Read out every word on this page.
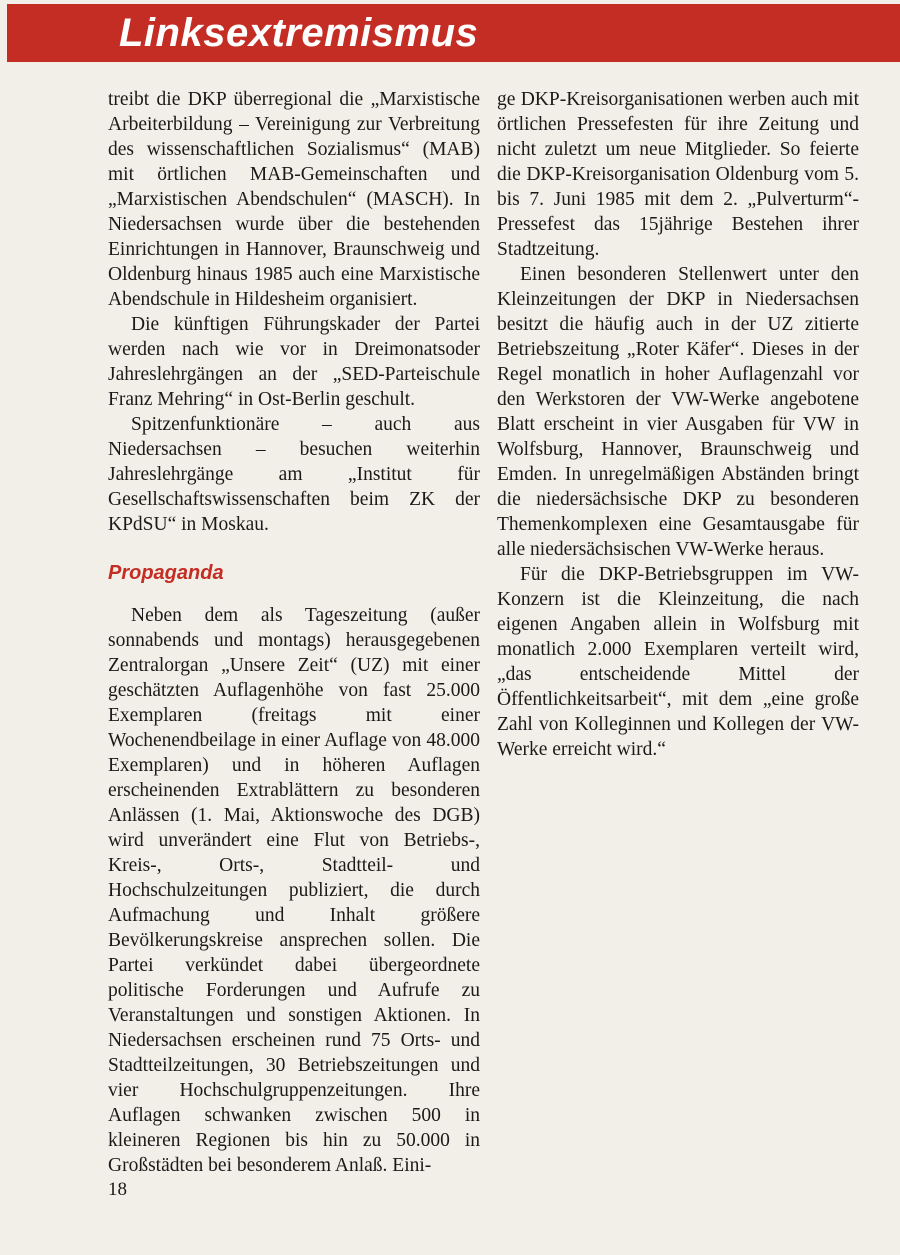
Linksextremismus

treibt die DKP überregional die „Marxistische Arbeiterbildung – Vereinigung zur Verbreitung des wissenschaftlichen Sozialismus“ (MAB) mit örtlichen MAB-Gemeinschaften und „Marxistischen Abendschulen“ (MASCH). In Niedersachsen wurde über die bestehenden Einrichtungen in Hannover, Braunschweig und Oldenburg hinaus 1985 auch eine Marxistische Abendschule in Hildesheim organisiert.

Die künftigen Führungskader der Partei werden nach wie vor in Dreimonatsoder Jahreslehrgängen an der „SED-Parteischule Franz Mehring“ in Ost-Berlin geschult.

Spitzenfunktionäre – auch aus Niedersachsen – besuchen weiterhin Jahreslehrgänge am „Institut für Gesellschaftswissenschaften beim ZK der KPdSU“ in Moskau.

Propaganda

Neben dem als Tageszeitung (außer sonnabends und montags) herausgegebenen Zentralorgan „Unsere Zeit“ (UZ) mit einer geschätzten Auflagenhöhe von fast 25.000 Exemplaren (freitags mit einer Wochenendbeilage in einer Auflage von 48.000 Exemplaren) und in höheren Auflagen erscheinenden Extrablättern zu besonderen Anlässen (1. Mai, Aktionswoche des DGB) wird unverändert eine Flut von Betriebs-, Kreis-, Orts-, Stadtteil- und Hochschulzeitungen publiziert, die durch Aufmachung und Inhalt größere Bevölkerungskreise ansprechen sollen. Die Partei verkündet dabei übergeordnete politische Forderungen und Aufrufe zu Veranstaltungen und sonstigen Aktionen. In Niedersachsen erscheinen rund 75 Orts- und Stadtteilzeitungen, 30 Betriebszeitungen und vier Hochschulgruppenzeitungen. Ihre Auflagen schwanken zwischen 500 in kleineren Regionen bis hin zu 50.000 in Großstädten bei besonderem Anlaß. Eini-

ge DKP-Kreisorganisationen werben auch mit örtlichen Pressefesten für ihre Zeitung und nicht zuletzt um neue Mitglieder. So feierte die DKP-Kreisorganisation Oldenburg vom 5. bis 7. Juni 1985 mit dem 2. „Pulverturm“-Pressefest das 15jährige Bestehen ihrer Stadtzeitung.

Einen besonderen Stellenwert unter den Kleinzeitungen der DKP in Niedersachsen besitzt die häufig auch in der UZ zitierte Betriebszeitung „Roter Käfer“. Dieses in der Regel monatlich in hoher Auflagenzahl vor den Werkstoren der VW-Werke angebotene Blatt erscheint in vier Ausgaben für VW in Wolfsburg, Hannover, Braunschweig und Emden. In unregelmäßigen Abständen bringt die niedersächsische DKP zu besonderen Themenkomplexen eine Gesamtausgabe für alle niedersächsischen VW-Werke heraus.

Für die DKP-Betriebsgruppen im VW-Konzern ist die Kleinzeitung, die nach eigenen Angaben allein in Wolfsburg mit monatlich 2.000 Exemplaren verteilt wird, „das entscheidende Mittel der Öffentlichkeitsarbeit“, mit dem „eine große Zahl von Kolleginnen und Kollegen der VW-Werke erreicht wird.“

18
